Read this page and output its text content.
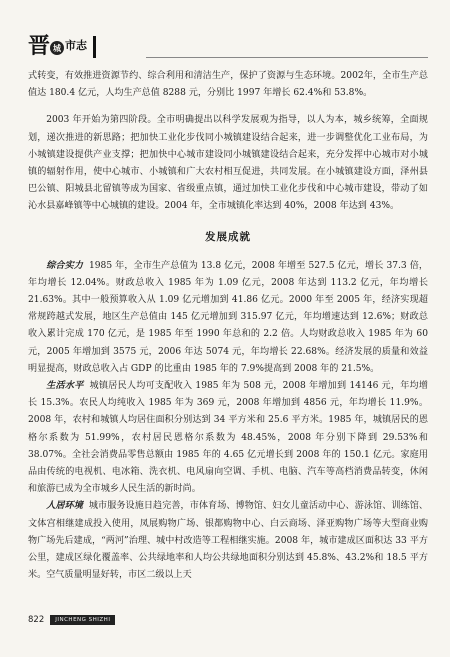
晋 城 市志

式转变，有效推进资源节约、综合利用和清洁生产，保护了资源与生态环境。2002年，全市生产总值达 180.4 亿元，人均生产总值 8288 元，分别比 1997 年增长 62.4%和 53.8%。

2003 年开始为第四阶段。全市明确提出以科学发展观为指导，以人为本，城乡统筹，全面规划，递次推进的新思路；把加快工业化步伐同小城镇建设结合起来，进一步调整优化工业布局，为小城镇建设提供产业支撑；把加快中心城市建设同小城镇建设结合起来，充分发挥中心城市对小城镇的辐射作用，使中心城市、小城镇和广大农村相互促进，共同发展。在小城镇建设方面，泽州县巴公镇、阳城县北留镇等成为国家、省级重点镇，通过加快工业化步伐和中心城市建设，带动了如沁水县嘉峰镇等中心城镇的建设。2004 年，全市城镇化率达到 40%，2008 年达到 43%。

发展成就

综合实力 1985 年，全市生产总值为 13.8 亿元，2008 年增至 527.5 亿元，增长 37.3 倍，年均增长 12.04%。财政总收入 1985 年为 1.09 亿元，2008 年达到 113.2 亿元，年均增长 21.63%。其中一般预算收入从 1.09 亿元增加到 41.86 亿元。2000 年至 2005 年，经济实现超常规跨越式发展，地区生产总值由 145 亿元增加到 315.97 亿元，年均增速达到 12.6%；财政总收入累计完成 170 亿元，是 1985 年至 1990 年总和的 2.2 倍。人均财政总收入 1985 年为 60 元，2005 年增加到 3575 元，2006 年达 5074 元，年均增长 22.68%。经济发展的质量和效益明显提高，财政总收入占 GDP 的比重由 1985 年的 7.9%提高到 2008 年的 21.5%。

生活水平 城镇居民人均可支配收入 1985 年为 508 元，2008 年增加到 14146 元，年均增长 15.3%。农民人均纯收入 1985 年为 369 元，2008 年增加到 4856 元，年均增长 11.9%。2008 年，农村和城镇人均居住面积分别达到 34 平方米和 25.6 平方米。1985 年，城镇居民的恩格尔系数为 51.99%，农村居民恩格尔系数为 48.45%，2008 年分别下降到 29.53%和 38.07%。全社会消费品零售总额由 1985 年的 4.65 亿元增长到 2008 年的 150.1 亿元。家庭用品由传统的电视机、电冰箱、洗衣机、电风扇向空调、手机、电脑、汽车等高档消费品转变，休闲和旅游已成为全市城乡人民生活的新时尚。

人居环境 城市服务设施日趋完善，市体育场、博物馆、妇女儿童活动中心、游泳馆、训练馆、文体宫相继建成投入使用，凤展购物广场、银都购物中心、白云商场、泽亚购物广场等大型商业购物广场先后建成，“两河”治理、城中村改造等工程相继实施。2008 年，城市建成区面积达 33 平方公里，建成区绿化覆盖率、公共绿地率和人均公共绿地面积分别达到 45.8%、43.2%和 18.5 平方米。空气质量明显好转，市区二级以上天

822	JINCHENG SHIZHI
